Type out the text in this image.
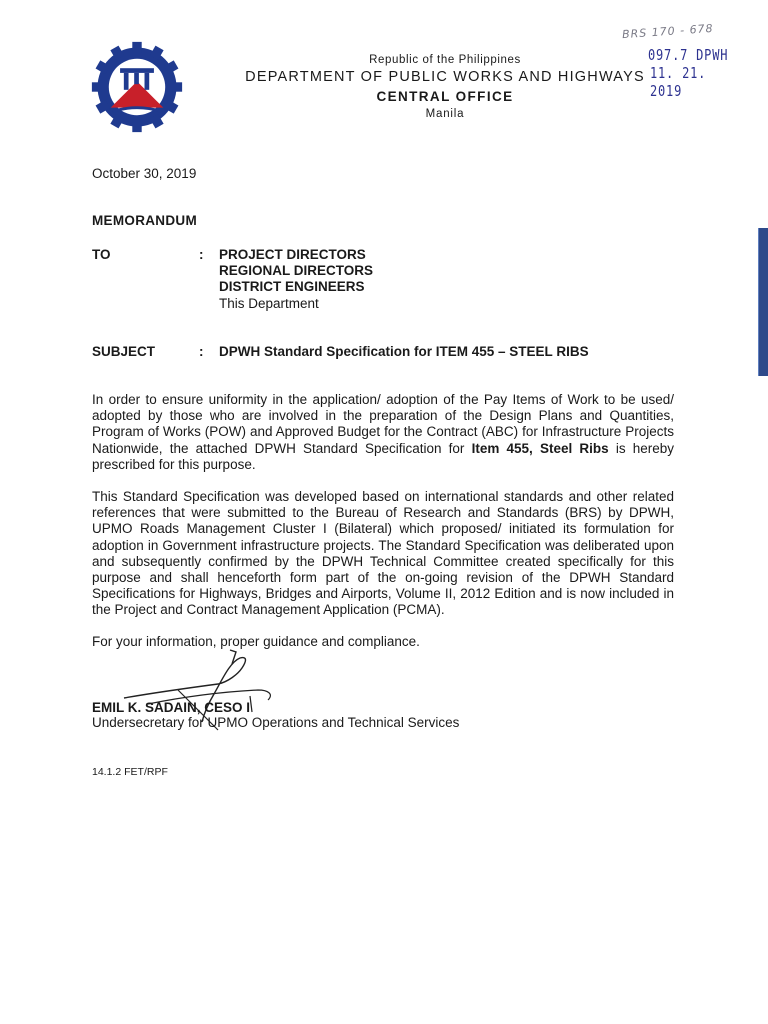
Republic of the Philippines
DEPARTMENT OF PUBLIC WORKS AND HIGHWAYS
CENTRAL OFFICE
Manila
BRS 170 - 678
097.7 DPWH
11. 21. 2019
October 30, 2019
MEMORANDUM
TO	: PROJECT DIRECTORS
REGIONAL DIRECTORS
DISTRICT ENGINEERS
This Department
SUBJECT	: DPWH Standard Specification for ITEM 455 – STEEL RIBS
In order to ensure uniformity in the application/ adoption of the Pay Items of Work to be used/ adopted by those who are involved in the preparation of the Design Plans and Quantities, Program of Works (POW) and Approved Budget for the Contract (ABC) for Infrastructure Projects Nationwide, the attached DPWH Standard Specification for Item 455, Steel Ribs is hereby prescribed for this purpose.
This Standard Specification was developed based on international standards and other related references that were submitted to the Bureau of Research and Standards (BRS) by DPWH, UPMO Roads Management Cluster I (Bilateral) which proposed/ initiated its formulation for adoption in Government infrastructure projects. The Standard Specification was deliberated upon and subsequently confirmed by the DPWH Technical Committee created specifically for this purpose and shall henceforth form part of the on-going revision of the DPWH Standard Specifications for Highways, Bridges and Airports, Volume II, 2012 Edition and is now included in the Project and Contract Management Application (PCMA).
For your information, proper guidance and compliance.
EMIL K. SADAIN, CESO I
Undersecretary for UPMO Operations and Technical Services
14.1.2 FET/RPF
